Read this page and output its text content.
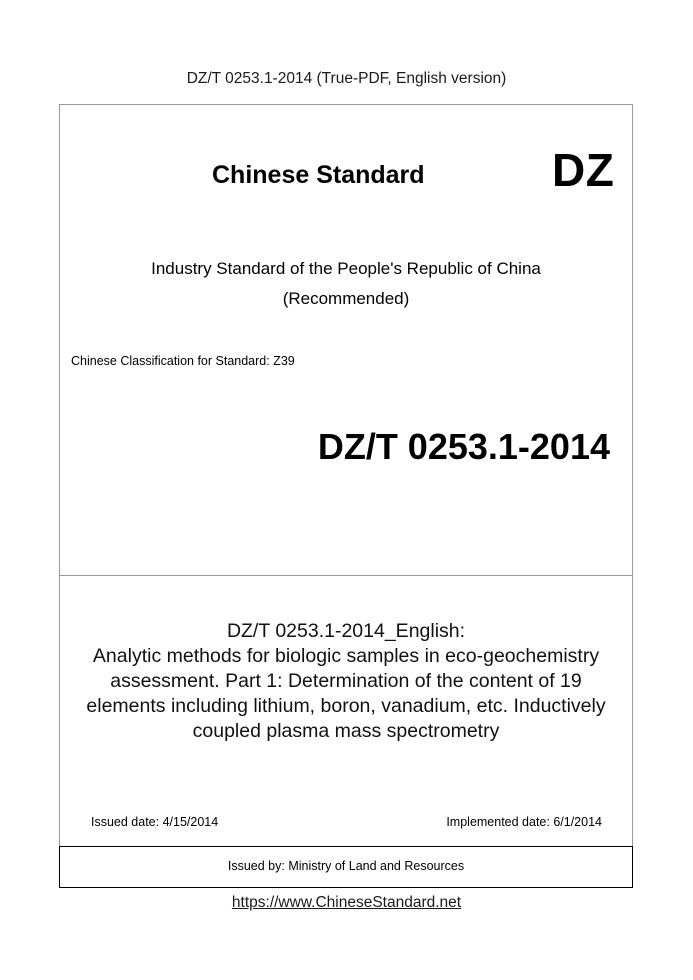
DZ/T 0253.1-2014 (True-PDF, English version)
Chinese Standard	DZ
Industry Standard of the People's Republic of China
(Recommended)
Chinese Classification for Standard: Z39
DZ/T 0253.1-2014
DZ/T 0253.1-2014_English:
Analytic methods for biologic samples in eco-geochemistry
assessment. Part 1: Determination of the content of 19
elements including lithium, boron, vanadium, etc. Inductively
coupled plasma mass spectrometry
Issued date: 4/15/2014	Implemented date: 6/1/2014
Issued by: Ministry of Land and Resources
https://www.ChineseStandard.net
